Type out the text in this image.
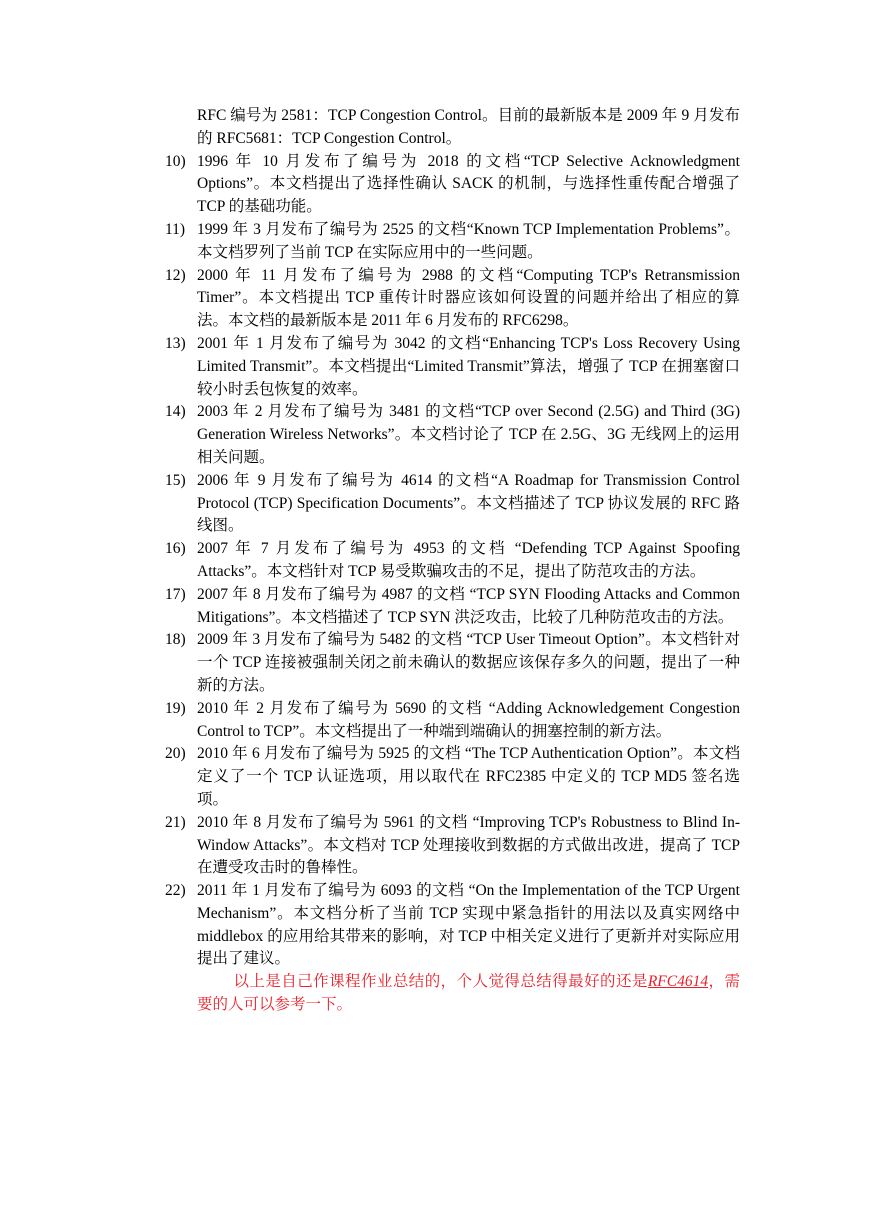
RFC 编号为 2581：TCP Congestion Control。目前的最新版本是 2009 年 9 月发布的 RFC5681：TCP Congestion Control。
10) 1996 年 10 月发布了编号为 2018 的文档“TCP Selective Acknowledgment Options”。本文档提出了选择性确认 SACK 的机制，与选择性重传配合增强了 TCP 的基础功能。
11) 1999 年 3 月发布了编号为 2525 的文档“Known TCP Implementation Problems”。本文档罗列了当前 TCP 在实际应用中的一些问题。
12) 2000 年 11 月发布了编号为 2988 的文档“Computing TCP's Retransmission Timer”。本文档提出 TCP 重传计时器应该如何设置的问题并给出了相应的算法。本文档的最新版本是 2011 年 6 月发布的 RFC6298。
13) 2001 年 1 月发布了编号为 3042 的文档“Enhancing TCP's Loss Recovery Using Limited Transmit”。本文档提出“Limited Transmit”算法，增强了 TCP 在拥塞窗口较小时丢包恢复的效率。
14) 2003 年 2 月发布了编号为 3481 的文档“TCP over Second (2.5G) and Third (3G) Generation Wireless Networks”。本文档讨论了 TCP 在 2.5G、3G 无线网上的运用相关问题。
15) 2006 年 9 月发布了编号为 4614 的文档“A Roadmap for Transmission Control Protocol (TCP) Specification Documents”。本文档描述了 TCP 协议发展的 RFC 路线图。
16) 2007 年 7 月发布了编号为 4953 的文档 “Defending TCP Against Spoofing Attacks”。本文档针对 TCP 易受欺骗攻击的不足，提出了防范攻击的方法。
17) 2007 年 8 月发布了编号为 4987 的文档 “TCP SYN Flooding Attacks and Common Mitigations”。本文档描述了 TCP SYN 洪泛攻击，比较了几种防范攻击的方法。
18) 2009 年 3 月发布了编号为 5482 的文档 “TCP User Timeout Option”。本文档针对一个 TCP 连接被强制关闭之前未确认的数据应该保存多久的问题，提出了一种新的方法。
19) 2010 年 2 月发布了编号为 5690 的文档 “Adding Acknowledgement Congestion Control to TCP”。本文档提出了一种端到端确认的拥塞控制的新方法。
20) 2010 年 6 月发布了编号为 5925 的文档 “The TCP Authentication Option”。本文档定义了一个 TCP 认证选项，用以取代在 RFC2385 中定义的 TCP MD5 签名选项。
21) 2010 年 8 月发布了编号为 5961 的文档 “Improving TCP's Robustness to Blind In-Window Attacks”。本文档对 TCP 处理接收到数据的方式做出改进，提高了 TCP 在遭受攻击时的鲁棒性。
22) 2011 年 1 月发布了编号为 6093 的文档 “On the Implementation of the TCP Urgent Mechanism”。本文档分析了当前 TCP 实现中紧急指针的用法以及真实网络中 middlebox 的应用给其带来的影响，对 TCP 中相关定义进行了更新并对实际应用提出了建议。
以上是自己作课程作业总结的，个人觉得总结得最好的还是RFC4614，需要的人可以参考一下。
